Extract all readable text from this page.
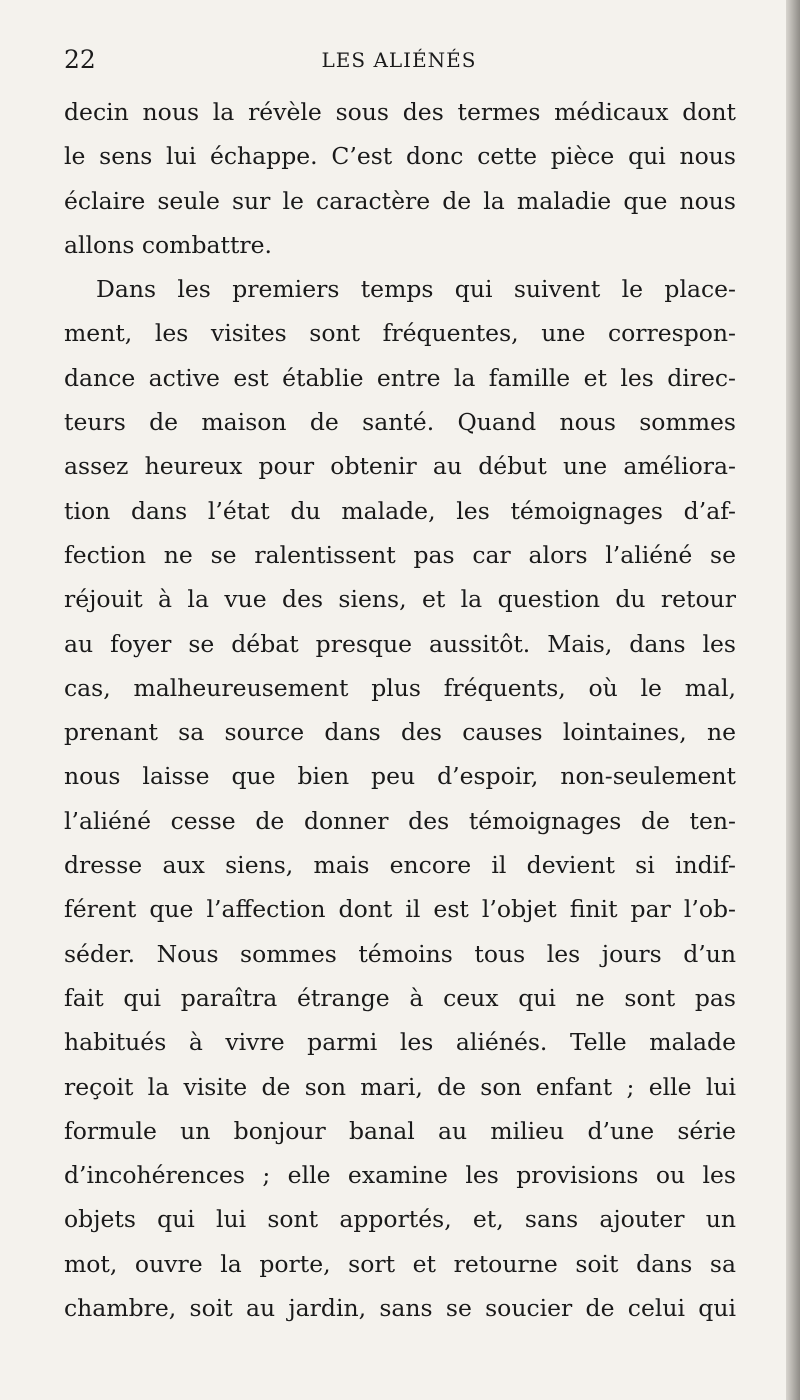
22	LES ALIÉNÉS
decin nous la révèle sous des termes médicaux dont
le sens lui échappe. C’est donc cette pièce qui nous
éclaire seule sur le caractère de la maladie que nous
allons combattre.
Dans les premiers temps qui suivent le place-
ment, les visites sont fréquentes, une correspon-
dance active est établie entre la famille et les direc-
teurs de maison de santé. Quand nous sommes
assez heureux pour obtenir au début une améliora-
tion dans l’état du malade, les témoignages d’af-
fection ne se ralentissent pas car alors l’aliéné se
réjouit à la vue des siens, et la question du retour
au foyer se débat presque aussitôt. Mais, dans les
cas, malheureusement plus fréquents, où le mal,
prenant sa source dans des causes lointaines, ne
nous laisse que bien peu d’espoir, non-seulement
l’aliéné cesse de donner des témoignages de ten-
dresse aux siens, mais encore il devient si indif-
férent que l’affection dont il est l’objet finit par l’ob-
séder. Nous sommes témoins tous les jours d’un
fait qui paraîtra étrange à ceux qui ne sont pas
habitués à vivre parmi les aliénés. Telle malade
reçoit la visite de son mari, de son enfant ; elle lui
formule un bonjour banal au milieu d’une série
d’incohérences ; elle examine les provisions ou les
objets qui lui sont apportés, et, sans ajouter un
mot, ouvre la porte, sort et retourne soit dans sa
chambre, soit au jardin, sans se soucier de celui qui
